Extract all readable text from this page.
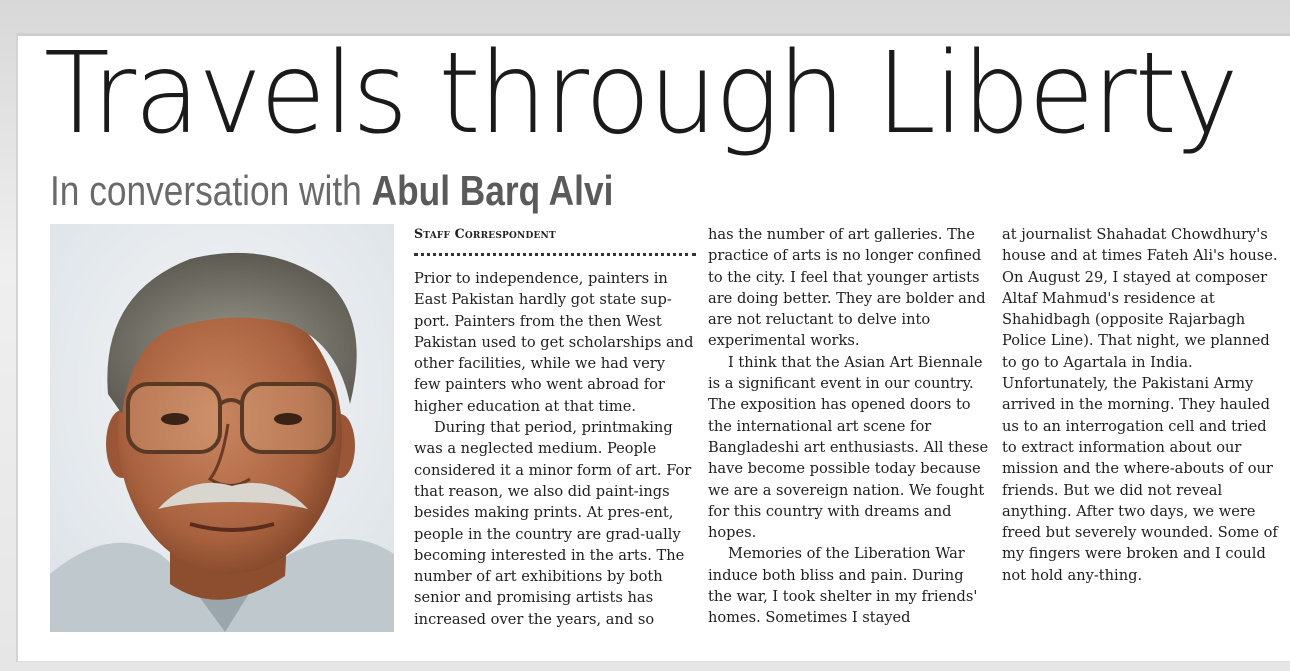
Travels through Liberty
In conversation with Abul Barq Alvi

Staff Correspondent

Prior to independence, painters in East Pakistan hardly got state sup-port. Painters from the then West Pakistan used to get scholarships and other facilities, while we had very few painters who went abroad for higher education at that time.

During that period, printmaking was a neglected medium. People considered it a minor form of art. For that reason, we also did paint-ings besides making prints. At pres-ent, people in the country are grad-ually becoming interested in the arts. The number of art exhibitions by both senior and promising artists has increased over the years, and so

has the number of art galleries. The practice of arts is no longer confined to the city. I feel that younger artists are doing better. They are bolder and are not reluctant to delve into experimental works.

I think that the Asian Art Biennale is a significant event in our country. The exposition has opened doors to the international art scene for Bangladeshi art enthusiasts. All these have become possible today because we are a sovereign nation. We fought for this country with dreams and hopes.

Memories of the Liberation War induce both bliss and pain. During the war, I took shelter in my friends' homes. Sometimes I stayed

at journalist Shahadat Chowdhury's house and at times Fateh Ali's house. On August 29, I stayed at composer Altaf Mahmud's residence at Shahidbagh (opposite Rajarbagh Police Line). That night, we planned to go to Agartala in India. Unfortunately, the Pakistani Army arrived in the morning. They hauled us to an interrogation cell and tried to extract information about our mission and the where-abouts of our friends. But we did not reveal anything. After two days, we were freed but severely wounded. Some of my fingers were broken and I could not hold any-thing.
